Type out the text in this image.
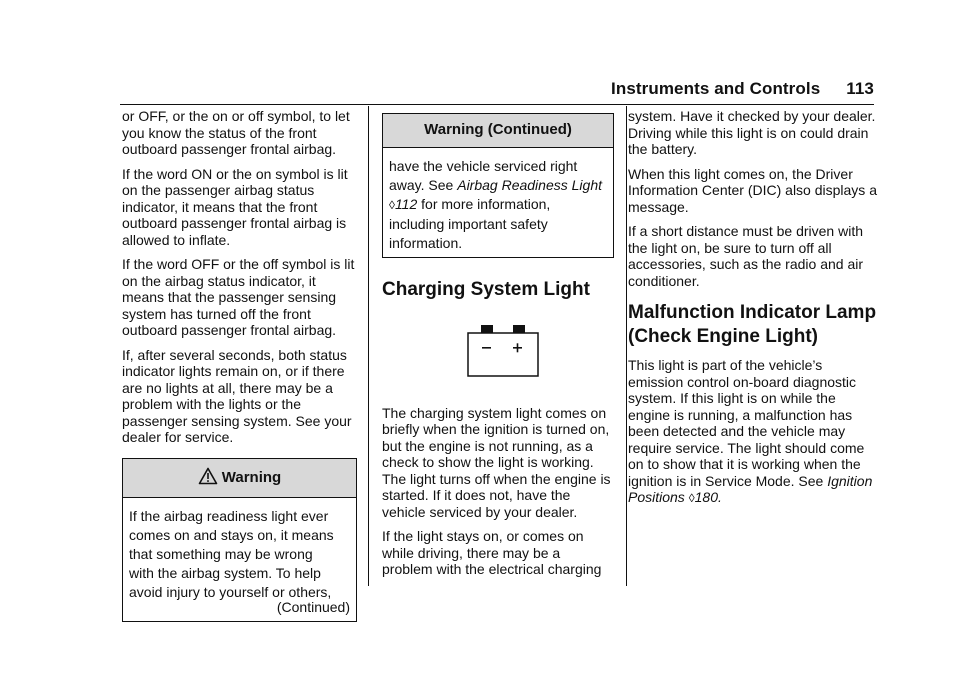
Instruments and Controls 113

or OFF, or the on or off symbol, to let you know the status of the front outboard passenger frontal airbag.

If the word ON or the on symbol is lit on the passenger airbag status indicator, it means that the front outboard passenger frontal airbag is allowed to inflate.

If the word OFF or the off symbol is lit on the airbag status indicator, it means that the passenger sensing system has turned off the front outboard passenger frontal airbag.

If, after several seconds, both status indicator lights remain on, or if there are no lights at all, there may be a problem with the lights or the passenger sensing system. See your dealer for service.

Warning
If the airbag readiness light ever
comes on and stays on, it means
that something may be wrong
with the airbag system. To help
avoid injury to yourself or others,
(Continued)
Warning (Continued)
have the vehicle serviced right away. See Airbag Readiness Light ◊112 for more information, including important safety information.
Charging System Light

The charging system light comes on briefly when the ignition is turned on, but the engine is not running, as a check to show the light is working. The light turns off when the engine is started. If it does not, have the vehicle serviced by your dealer.

If the light stays on, or comes on while driving, there may be a problem with the electrical charging

system. Have it checked by your dealer. Driving while this light is on could drain the battery.

When this light comes on, the Driver Information Center (DIC) also displays a message.

If a short distance must be driven with the light on, be sure to turn off all accessories, such as the radio and air conditioner.

Malfunction Indicator Lamp (Check Engine Light)

This light is part of the vehicle’s emission control on-board diagnostic system. If this light is on while the engine is running, a malfunction has been detected and the vehicle may require service. The light should come on to show that it is working when the ignition is in Service Mode. See Ignition Positions ◊180.
